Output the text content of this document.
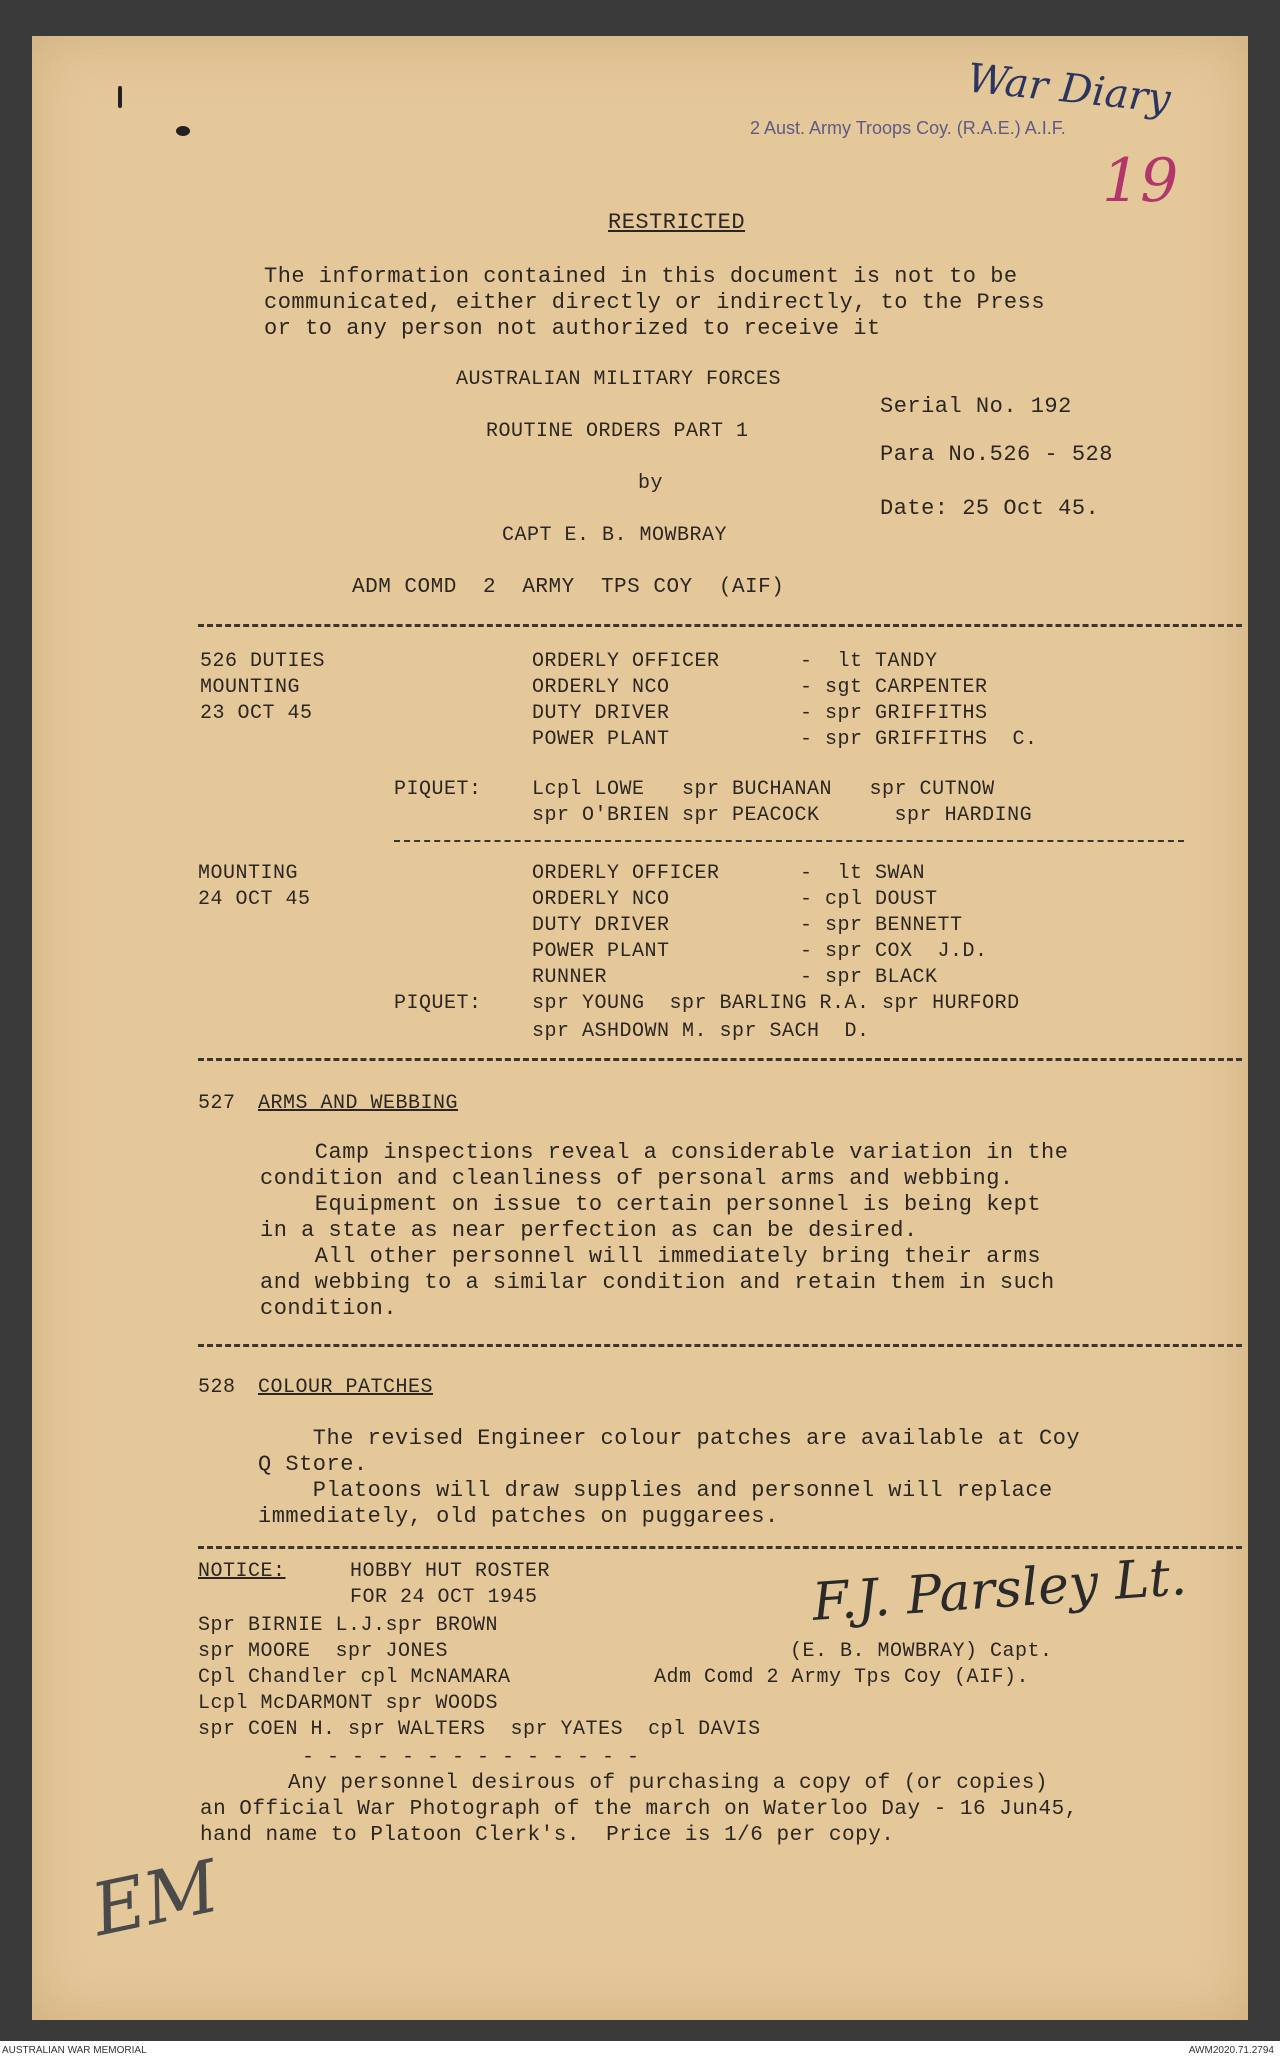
2 Aust. Army Troops Coy. (R.A.E.) A.I.F.
War Diary
19
RESTRICTED
The information contained in this document is not to be
communicated, either directly or indirectly, to the Press
or to any person not authorized to receive it
AUSTRALIAN MILITARY FORCES
ROUTINE ORDERS PART 1
by
CAPT E. B. MOWBRAY
ADM COMD  2  ARMY  TPS COY  (AIF)
Serial No. 192
Para No.526 - 528
Date: 25 Oct 45.
526 DUTIES
MOUNTING
23 OCT 45
ORDERLY OFFICER	-  lt TANDY
ORDERLY NCO	- sgt CARPENTER
DUTY DRIVER	- spr GRIFFITHS
POWER PLANT	- spr GRIFFITHS  C.
PIQUET:	Lcpl LOWE   spr BUCHANAN   spr CUTNOW
spr O'BRIEN spr PEACOCK      spr HARDING
MOUNTING
24 OCT 45
ORDERLY OFFICER	-  lt SWAN
ORDERLY NCO	- cpl DOUST
DUTY DRIVER	- spr BENNETT
POWER PLANT	- spr COX  J.D.
RUNNER	- spr BLACK
PIQUET:	spr YOUNG  spr BARLING R.A. spr HURFORD
spr ASHDOWN M. spr SACH  D.
527 ARMS AND WEBBING
Camp inspections reveal a considerable variation in the
condition and cleanliness of personal arms and webbing.
Equipment on issue to certain personnel is being kept
in a state as near perfection as can be desired.
All other personnel will immediately bring their arms
and webbing to a similar condition and retain them in such
condition.
528 COLOUR PATCHES
The revised Engineer colour patches are available at Coy
Q Store.
Platoons will draw supplies and personnel will replace
immediately, old patches on puggarees.
NOTICE:	HOBBY HUT ROSTER
FOR 24 OCT 1945
Spr BIRNIE L.J.spr BROWN
spr MOORE  spr JONES
Cpl Chandler cpl McNAMARA
Lcpl McDARMONT spr WOODS
spr COEN H. spr WALTERS  spr YATES  cpl DAVIS
- - - - - - - - - - - - - -
Any personnel desirous of purchasing a copy of (or copies)
an Official War Photograph of the march on Waterloo Day - 16 Jun45,
hand name to Platoon Clerk's.  Price is 1/6 per copy.
F.J. Parsley Lt.
(E. B. MOWBRAY) Capt.
Adm Comd 2 Army Tps Coy (AIF).
EM
AUSTRALIAN WAR MEMORIAL	AWM2020.71.2794
